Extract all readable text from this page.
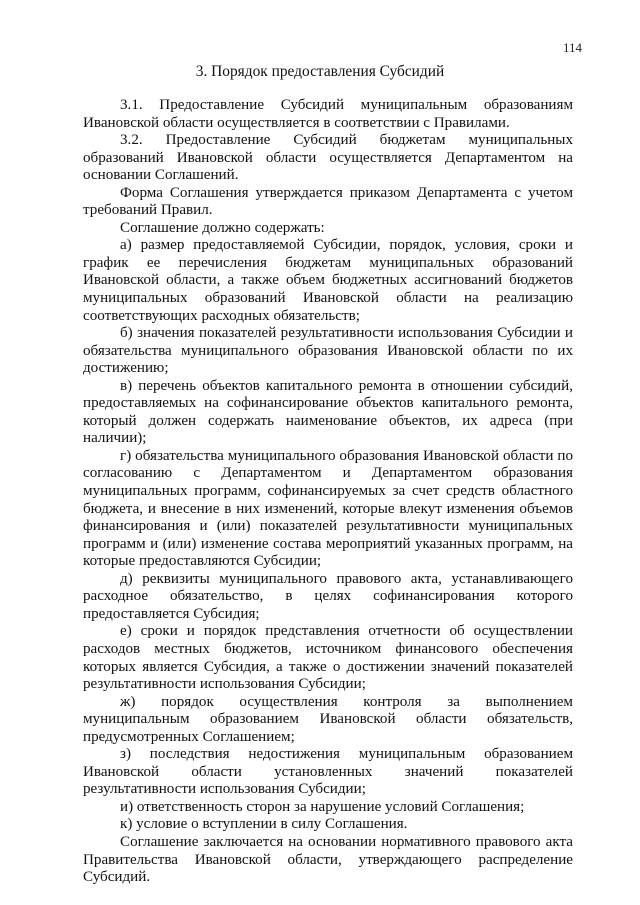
114
3. Порядок предоставления Субсидий

3.1. Предоставление Субсидий муниципальным образованиям Ивановской области осуществляется в соответствии с Правилами.

3.2. Предоставление Субсидий бюджетам муниципальных образований Ивановской области осуществляется Департаментом на основании Соглашений.

Форма Соглашения утверждается приказом Департамента с учетом требований Правил.

Соглашение должно содержать:

а) размер предоставляемой Субсидии, порядок, условия, сроки и график ее перечисления бюджетам муниципальных образований Ивановской области, а также объем бюджетных ассигнований бюджетов муниципальных образований Ивановской области на реализацию соответствующих расходных обязательств;

б) значения показателей результативности использования Субсидии и обязательства муниципального образования Ивановской области по их достижению;

в) перечень объектов капитального ремонта в отношении субсидий, предоставляемых на софинансирование объектов капитального ремонта, который должен содержать наименование объектов, их адреса (при наличии);

г) обязательства муниципального образования Ивановской области по согласованию с Департаментом и Департаментом образования муниципальных программ, софинансируемых за счет средств областного бюджета, и внесение в них изменений, которые влекут изменения объемов финансирования и (или) показателей результативности муниципальных программ и (или) изменение состава мероприятий указанных программ, на которые предоставляются Субсидии;

д) реквизиты муниципального правового акта, устанавливающего расходное обязательство, в целях софинансирования которого предоставляется Субсидия;

е) сроки и порядок представления отчетности об осуществлении расходов местных бюджетов, источником финансового обеспечения которых является Субсидия, а также о достижении значений показателей результативности использования Субсидии;

ж) порядок осуществления контроля за выполнением муниципальным образованием Ивановской области обязательств, предусмотренных Соглашением;

з) последствия недостижения муниципальным образованием Ивановской области установленных значений показателей результативности использования Субсидии;

и) ответственность сторон за нарушение условий Соглашения;

к) условие о вступлении в силу Соглашения.

Соглашение заключается на основании нормативного правового акта Правительства Ивановской области, утверждающего распределение Субсидий.
